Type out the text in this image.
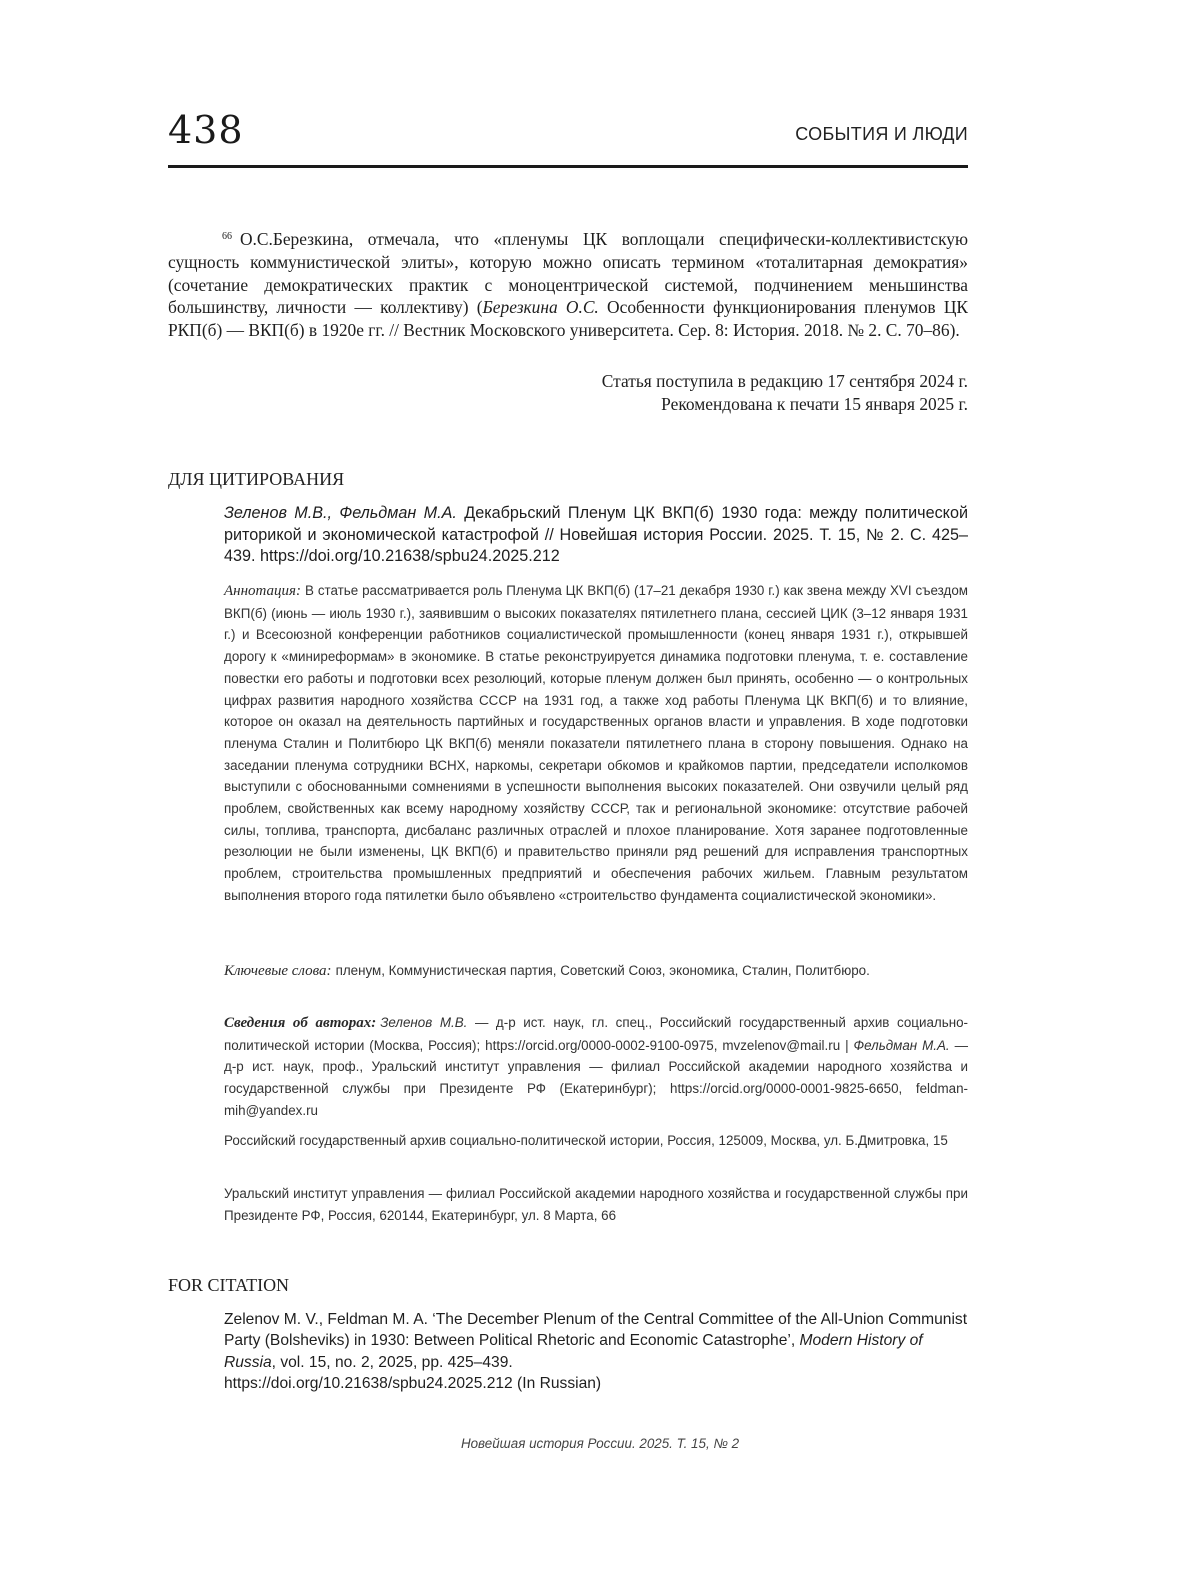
438	СОБЫТИЯ И ЛЮДИ
$^{66}$ О.С.Березкина, отмечала, что «пленумы ЦК воплощали специфически-коллективистскую сущность коммунистической элиты», которую можно описать термином «тоталитарная демократия» (сочетание демократических практик с моноцентрической системой, подчинением меньшинства большинству, личности — коллективу) (Березкина О.С. Особенности функционирования пленумов ЦК РКП(б) — ВКП(б) в 1920е гг. // Вестник Московского университета. Сер. 8: История. 2018. № 2. С. 70–86).
Статья поступила в редакцию 17 сентября 2024 г.
Рекомендована к печати 15 января 2025 г.
ДЛЯ ЦИТИРОВАНИЯ
Зеленов М.В., Фельдман М.А. Декабрьский Пленум ЦК ВКП(б) 1930 года: между политической риторикой и экономической катастрофой // Новейшая история России. 2025. Т. 15, № 2. С. 425–439. https://doi.org/10.21638/spbu24.2025.212
Аннотация: В статье рассматривается роль Пленума ЦК ВКП(б) (17–21 декабря 1930 г.) как звена между XVI съездом ВКП(б) (июнь — июль 1930 г.), заявившим о высоких показателях пятилетнего плана, сессией ЦИК (3–12 января 1931 г.) и Всесоюзной конференции работников социалистической промышленности (конец января 1931 г.), открывшей дорогу к «миниреформам» в экономике. В статье реконструируется динамика подготовки пленума, т. е. составление повестки его работы и подготовки всех резолюций, которые пленум должен был принять, особенно — о контрольных цифрах развития народного хозяйства СССР на 1931 год, а также ход работы Пленума ЦК ВКП(б) и то влияние, которое он оказал на деятельность партийных и государственных органов власти и управления. В ходе подготовки пленума Сталин и Политбюро ЦК ВКП(б) меняли показатели пятилетнего плана в сторону повышения. Однако на заседании пленума сотрудники ВСНХ, наркомы, секретари обкомов и крайкомов партии, председатели исполкомов выступили с обоснованными сомнениями в успешности выполнения высоких показателей. Они озвучили целый ряд проблем, свойственных как всему народному хозяйству СССР, так и региональной экономике: отсутствие рабочей силы, топлива, транспорта, дисбаланс различных отраслей и плохое планирование. Хотя заранее подготовленные резолюции не были изменены, ЦК ВКП(б) и правительство приняли ряд решений для исправления транспортных проблем, строительства промышленных предприятий и обеспечения рабочих жильем. Главным результатом выполнения второго года пятилетки было объявлено «строительство фундамента социалистической экономики».
Ключевые слова: пленум, Коммунистическая партия, Советский Союз, экономика, Сталин, Политбюро.
Сведения об авторах: Зеленов М.В. — д-р ист. наук, гл. спец., Российский государственный архив социально-политической истории (Москва, Россия); https://orcid.org/0000-0002-9100-0975, mvzelenov@mail.ru | Фельдман М.А. — д-р ист. наук, проф., Уральский институт управления — филиал Российской академии народного хозяйства и государственной службы при Президенте РФ (Екатеринбург); https://orcid.org/0000-0001-9825-6650, feldman-mih@yandex.ru
Российский государственный архив социально-политической истории, Россия, 125009, Москва, ул. Б.Дмитровка, 15
Уральский институт управления — филиал Российской академии народного хозяйства и государственной службы при Президенте РФ, Россия, 620144, Екатеринбург, ул. 8 Марта, 66
FOR CITATION
Zelenov M. V., Feldman M. A. ‘The December Plenum of the Central Committee of the All-Union Communist Party (Bolsheviks) in 1930: Between Political Rhetoric and Economic Catastrophe’, Modern History of Russia, vol. 15, no. 2, 2025, pp. 425–439.
https://doi.org/10.21638/spbu24.2025.212 (In Russian)
Новейшая история России. 2025. Т. 15, № 2
